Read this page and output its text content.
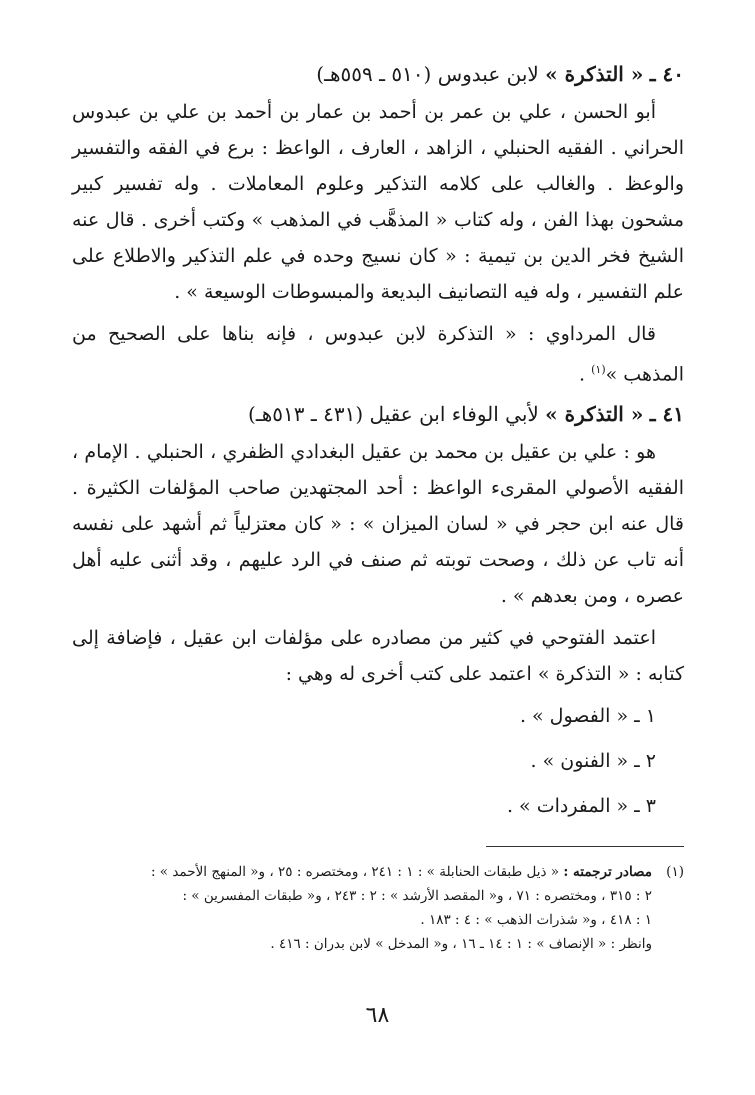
٤٠ ـ « التذكرة » لابن عبدوس (٥١٠ ـ ٥٥٩هـ)

أبو الحسن ، علي بن عمر بن أحمد بن عمار بن أحمد بن علي بن عبدوس الحراني . الفقيه الحنبلي ، الزاهد ، العارف ، الواعظ : برع في الفقه والتفسير والوعظ . والغالب على كلامه التذكير وعلوم المعاملات . وله تفسير كبير مشحون بهذا الفن ، وله كتاب « المذهَّب في المذهب » وكتب أخرى . قال عنه الشيخ فخر الدين بن تيمية : « كان نسيج وحده في علم التذكير والاطلاع على علم التفسير ، وله فيه التصانيف البديعة والمبسوطات الوسيعة » .

قال المرداوي : « التذكرة لابن عبدوس ، فإنه بناها على الصحيح من المذهب »$^{(١)}$ .

٤١ ـ « التذكرة » لأبي الوفاء ابن عقيل (٤٣١ ـ ٥١٣هـ)

هو : علي بن عقيل بن محمد بن عقيل البغدادي الظفري ، الحنبلي . الإمام ، الفقيه الأصولي المقرىء الواعظ : أحد المجتهدين صاحب المؤلفات الكثيرة . قال عنه ابن حجر في « لسان الميزان » : « كان معتزلياً ثم أشهد على نفسه أنه تاب عن ذلك ، وصحت توبته ثم صنف في الرد عليهم ، وقد أثنى عليه أهل عصره ، ومن بعدهم » .

اعتمد الفتوحي في كثير من مصادره على مؤلفات ابن عقيل ، فإضافة إلى كتابه : « التذكرة » اعتمد على كتب أخرى له وهي :

١ ـ « الفصول » .
٢ ـ « الفنون » .
٣ ـ « المفردات » .
(١)
مصادر ترجمته : « ذيل طبقات الحنابلة » : ١ : ٢٤١ ، ومختصره : ٢٥ ، و« المنهج الأحمد » :
٢ : ٣١٥ ، ومختصره : ٧١ ، و« المقصد الأرشد » : ٢ : ٢٤٣ ، و« طبقات المفسرين » :
١ : ٤١٨ ، و« شذرات الذهب » : ٤ : ١٨٣ .
وانظر : « الإنصاف » : ١ : ١٤ ـ ١٦ ، و« المدخل » لابن بدران : ٤١٦ .
٦٨
